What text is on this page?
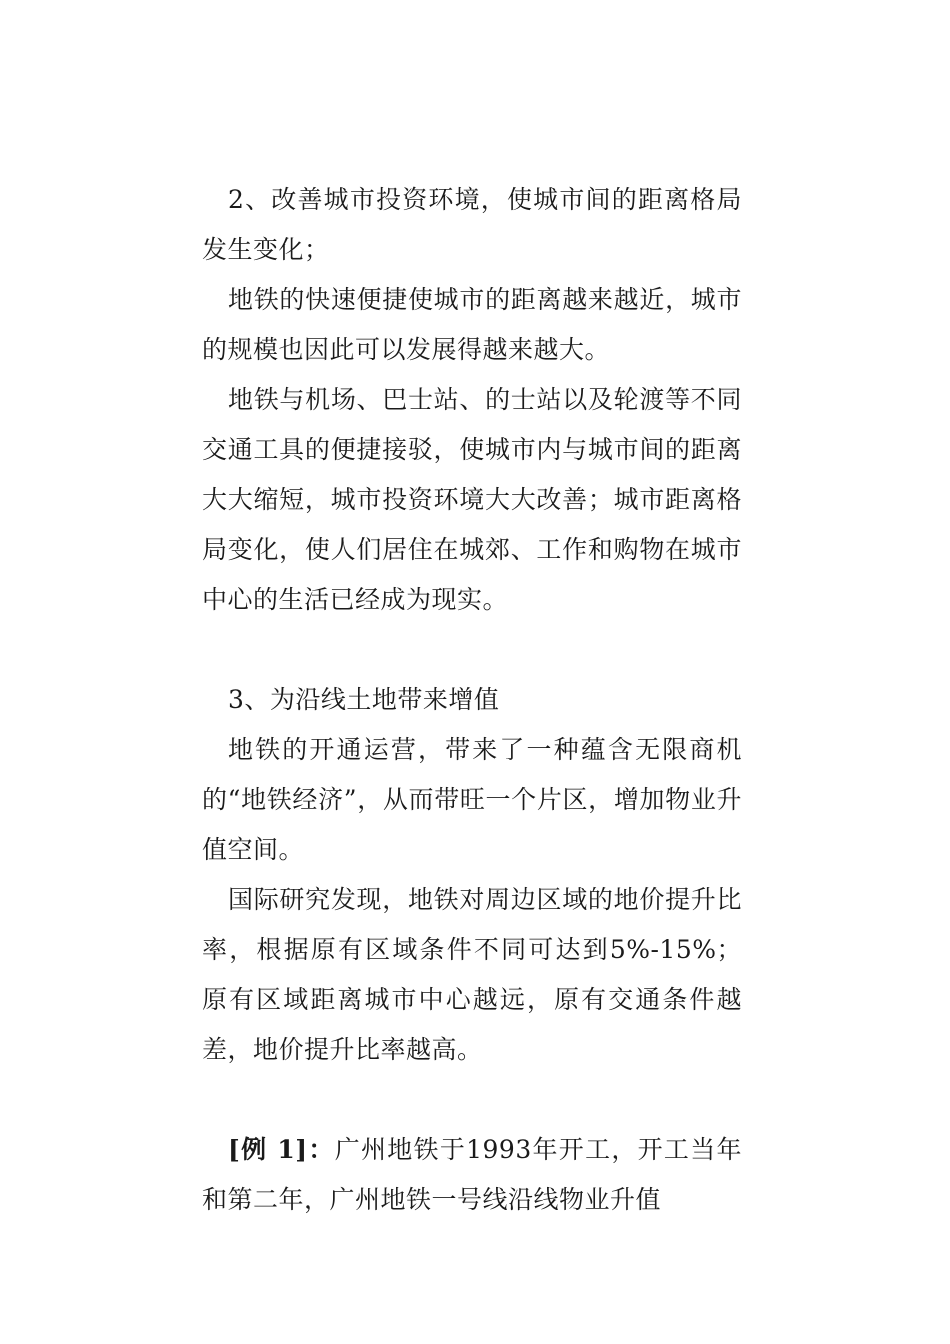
2、改善城市投资环境，使城市间的距离格局发生变化；

地铁的快速便捷使城市的距离越来越近，城市的规模也因此可以发展得越来越大。

地铁与机场、巴士站、的士站以及轮渡等不同交通工具的便捷接驳，使城市内与城市间的距离大大缩短，城市投资环境大大改善；城市距离格局变化，使人们居住在城郊、工作和购物在城市中心的生活已经成为现实。

3、为沿线土地带来增值

地铁的开通运营，带来了一种蕴含无限商机的“地铁经济”，从而带旺一个片区，增加物业升值空间。

国际研究发现，地铁对周边区域的地价提升比率，根据原有区域条件不同可达到5%-15%；原有区域距离城市中心越远，原有交通条件越差，地价提升比率越高。

[例 1]：广州地铁于1993年开工，开工当年和第二年，广州地铁一号线沿线物业升值
